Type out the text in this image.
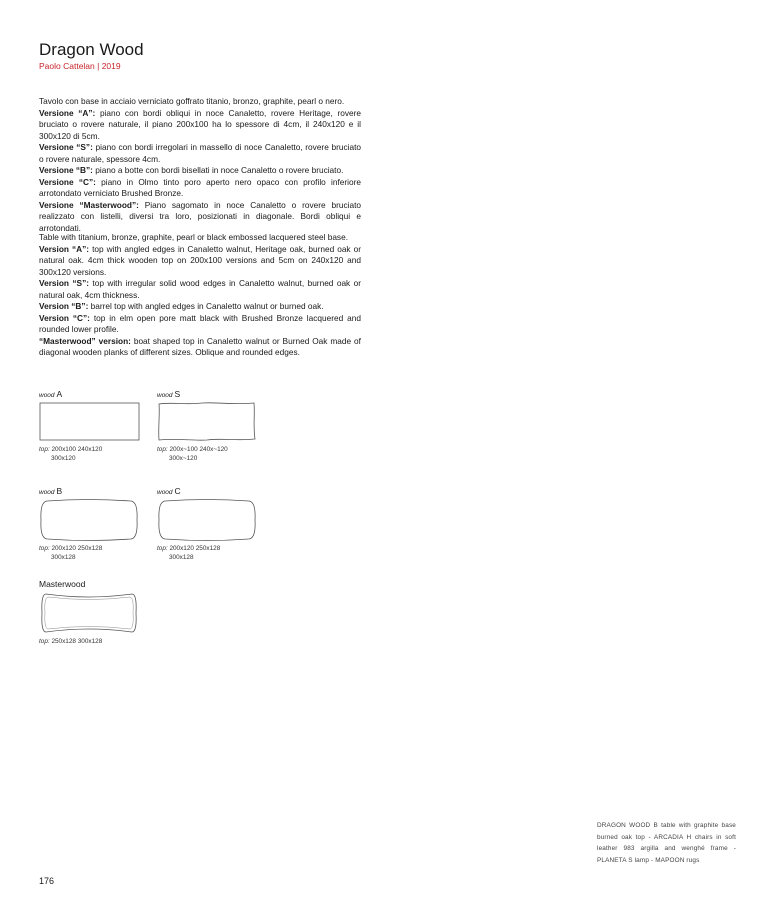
Dragon Wood
Paolo Cattelan | 2019

Tavolo con base in acciaio verniciato goffrato titanio, bronzo, graphite, pearl o nero.

Versione “A”: piano con bordi obliqui in noce Canaletto, rovere Heritage, rovere bruciato o rovere naturale, il piano 200x100 ha lo spessore di 4cm, il 240x120 e il 300x120 di 5cm.

Versione “S”: piano con bordi irregolari in massello di noce Canaletto, rovere bruciato o rovere naturale, spessore 4cm.

Versione “B”: piano a botte con bordi bisellati in noce Canaletto o rovere bruciato.

Versione “C”: piano in Olmo tinto poro aperto nero opaco con profilo inferiore arrotondato verniciato Brushed Bronze.

Versione “Masterwood”: Piano sagomato in noce Canaletto o rovere bruciato realizzato con listelli, diversi tra loro, posizionati in diagonale. Bordi obliqui e arrotondati.

Table with titanium, bronze, graphite, pearl or black embossed lacquered steel base.

Version “A”: top with angled edges in Canaletto walnut, Heritage oak, burned oak or natural oak. 4cm thick wooden top on 200x100 versions and 5cm on 240x120 and 300x120 versions.

Version “S”: top with irregular solid wood edges in Canaletto walnut, burned oak or natural oak, 4cm thickness.

Version “B”: barrel top with angled edges in Canaletto walnut or burned oak.

Version “C”: top in elm open pore matt black with Brushed Bronze lacquered and rounded lower profile.

“Masterwood” version: boat shaped top in Canaletto walnut or Burned Oak made of diagonal wooden planks of different sizes. Oblique and rounded edges.

wood A
top: 200x100 240x120
300x120
wood S
top: 200x~100 240x~120
300x~120
wood B
top: 200x120 250x128
300x128
wood C
top: 200x120 250x128
300x128
Masterwood
top: 250x128 300x128
DRAGON WOOD B table with graphite base burned oak top - ARCADIA H chairs in soft leather 983 argilla and wenghé frame - PLANETA S lamp - MAPOON rugs
176
